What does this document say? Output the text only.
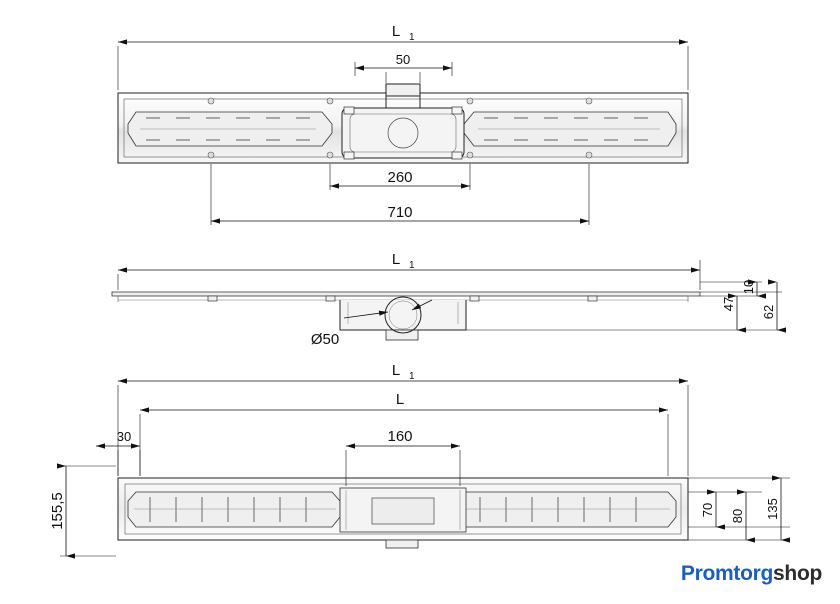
L 1
50
260
710
L 1
Ø50
47
62
10
L 1
L
30	160
155,5	70 80 135
Promtorgshop
